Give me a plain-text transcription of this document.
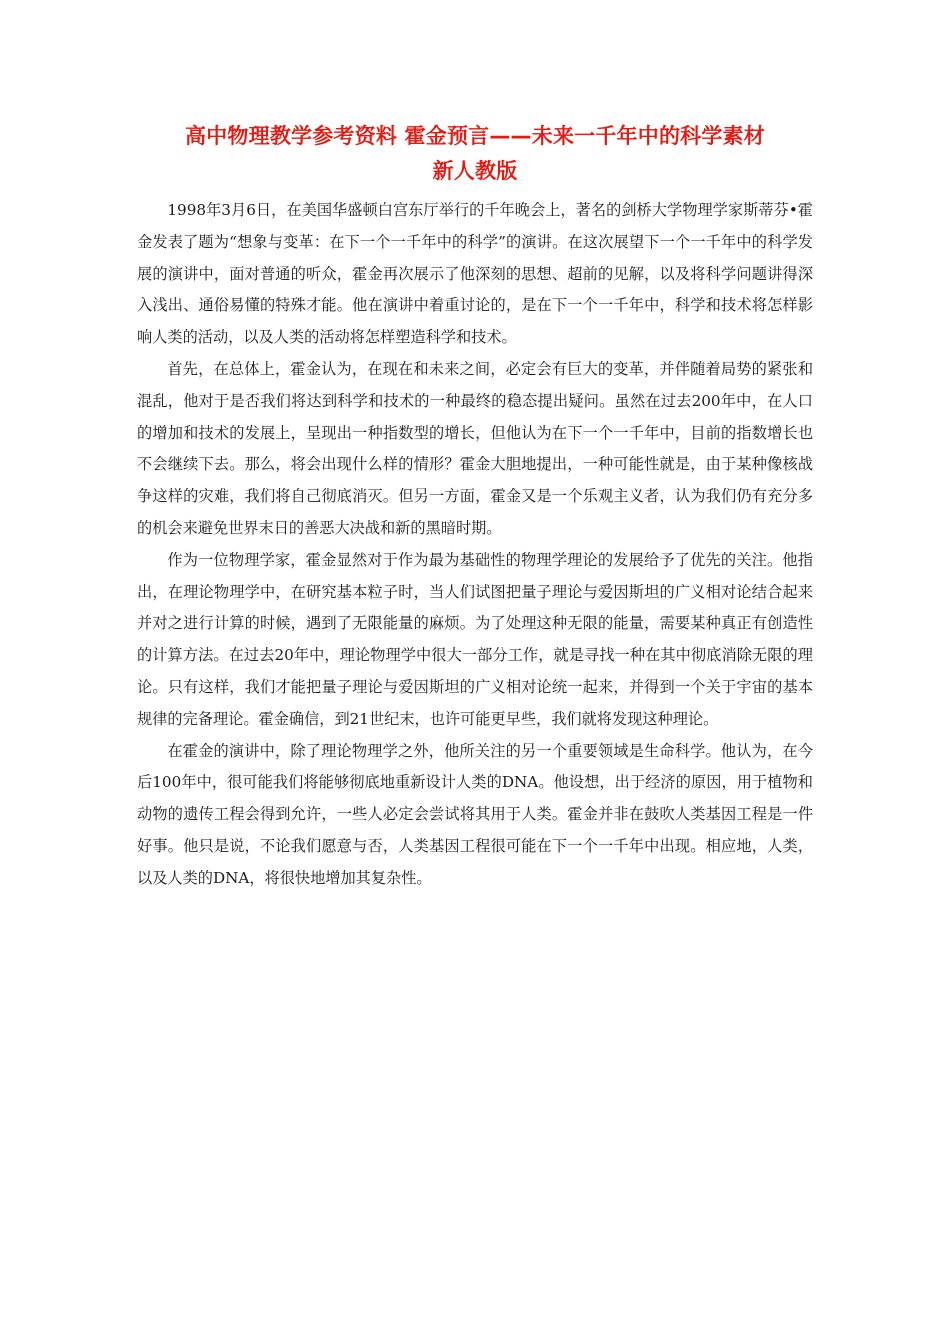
高中物理教学参考资料 霍金预言——未来一千年中的科学素材
新人教版

1998年3月6日，在美国华盛顿白宫东厅举行的千年晚会上，著名的剑桥大学物理学家斯蒂芬•霍金发表了题为“想象与变革：在下一个一千年中的科学”的演讲。在这次展望下一个一千年中的科学发展的演讲中，面对普通的听众，霍金再次展示了他深刻的思想、超前的见解，以及将科学问题讲得深入浅出、通俗易懂的特殊才能。他在演讲中着重讨论的，是在下一个一千年中，科学和技术将怎样影响人类的活动，以及人类的活动将怎样塑造科学和技术。

首先，在总体上，霍金认为，在现在和未来之间，必定会有巨大的变革，并伴随着局势的紧张和混乱，他对于是否我们将达到科学和技术的一种最终的稳态提出疑问。虽然在过去200年中，在人口的增加和技术的发展上，呈现出一种指数型的增长，但他认为在下一个一千年中，目前的指数增长也不会继续下去。那么，将会出现什么样的情形？霍金大胆地提出，一种可能性就是，由于某种像核战争这样的灾难，我们将自己彻底消灭。但另一方面，霍金又是一个乐观主义者，认为我们仍有充分多的机会来避免世界末日的善恶大决战和新的黑暗时期。

作为一位物理学家，霍金显然对于作为最为基础性的物理学理论的发展给予了优先的关注。他指出，在理论物理学中，在研究基本粒子时，当人们试图把量子理论与爱因斯坦的广义相对论结合起来并对之进行计算的时候，遇到了无限能量的麻烦。为了处理这种无限的能量，需要某种真正有创造性的计算方法。在过去20年中，理论物理学中很大一部分工作，就是寻找一种在其中彻底消除无限的理论。只有这样，我们才能把量子理论与爱因斯坦的广义相对论统一起来，并得到一个关于宇宙的基本规律的完备理论。霍金确信，到21世纪末，也许可能更早些，我们就将发现这种理论。

在霍金的演讲中，除了理论物理学之外，他所关注的另一个重要领域是生命科学。他认为，在今后100年中，很可能我们将能够彻底地重新设计人类的DNA。他设想，出于经济的原因，用于植物和动物的遗传工程会得到允许，一些人必定会尝试将其用于人类。霍金并非在鼓吹人类基因工程是一件好事。他只是说，不论我们愿意与否，人类基因工程很可能在下一个一千年中出现。相应地，人类，以及人类的DNA，将很快地增加其复杂性。
